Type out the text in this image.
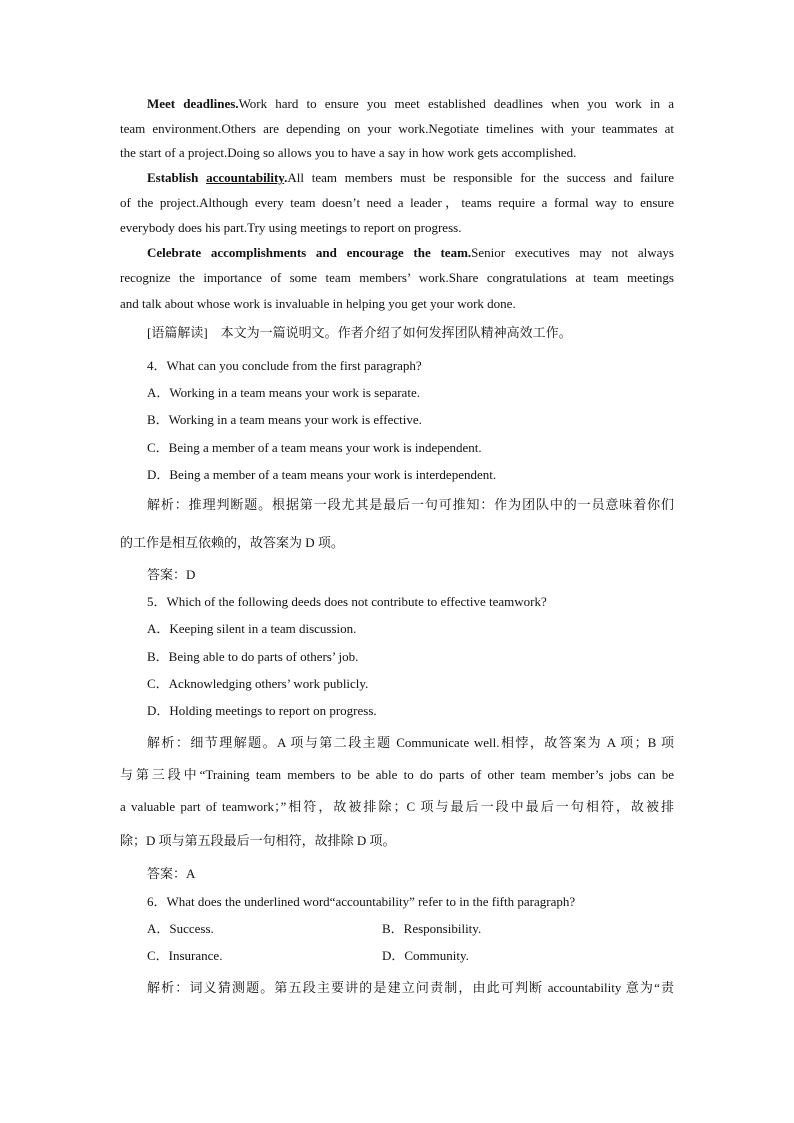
Meet deadlines.Work hard to ensure you meet established deadlines when you work in a
team environment.Others are depending on your work.Negotiate timelines with your teammates at
the start of a project.Doing so allows you to have a say in how work gets accomplished.
Establish accountability.All team members must be responsible for the success and failure
of the project.Although every team doesn’t need a leader，teams require a formal way to ensure
everybody does his part.Try using meetings to report on progress.
Celebrate accomplishments and encourage the team.Senior executives may not always
recognize the importance of some team members’ work.Share congratulations at team meetings
and talk about whose work is invaluable in helping you get your work done.
[语篇解读]　本文为一篇说明文。作者介绍了如何发挥团队精神高效工作。
4．What can you conclude from the first paragraph?
A．Working in a team means your work is separate.
B．Working in a team means your work is effective.
C．Being a member of a team means your work is independent.
D．Being a member of a team means your work is interdependent.
解析：推理判断题。根据第一段尤其是最后一句可推知：作为团队中的一员意味着你们
的工作是相互依赖的，故答案为 D 项。
答案：D
5．Which of the following deeds does not contribute to effective teamwork?
A．Keeping silent in a team discussion.
B．Being able to do parts of others’ job.
C．Acknowledging others’ work publicly.
D．Holding meetings to report on progress.
解析：细节理解题。A 项与第二段主题 Communicate well.相悖，故答案为 A 项；B 项
与第三段中“Training team members to be able to do parts of other team member’s jobs can be
a valuable part of teamwork；”相符，故被排除；C 项与最后一段中最后一句相符，故被排
除；D 项与第五段最后一句相符，故排除 D 项。
答案：A
6．What does the underlined word“accountability” refer to in the fifth paragraph?
A．Success.	B．Responsibility.
C．Insurance.	D．Community.
解析：词义猜测题。第五段主要讲的是建立问责制，由此可判断 accountability 意为“责
